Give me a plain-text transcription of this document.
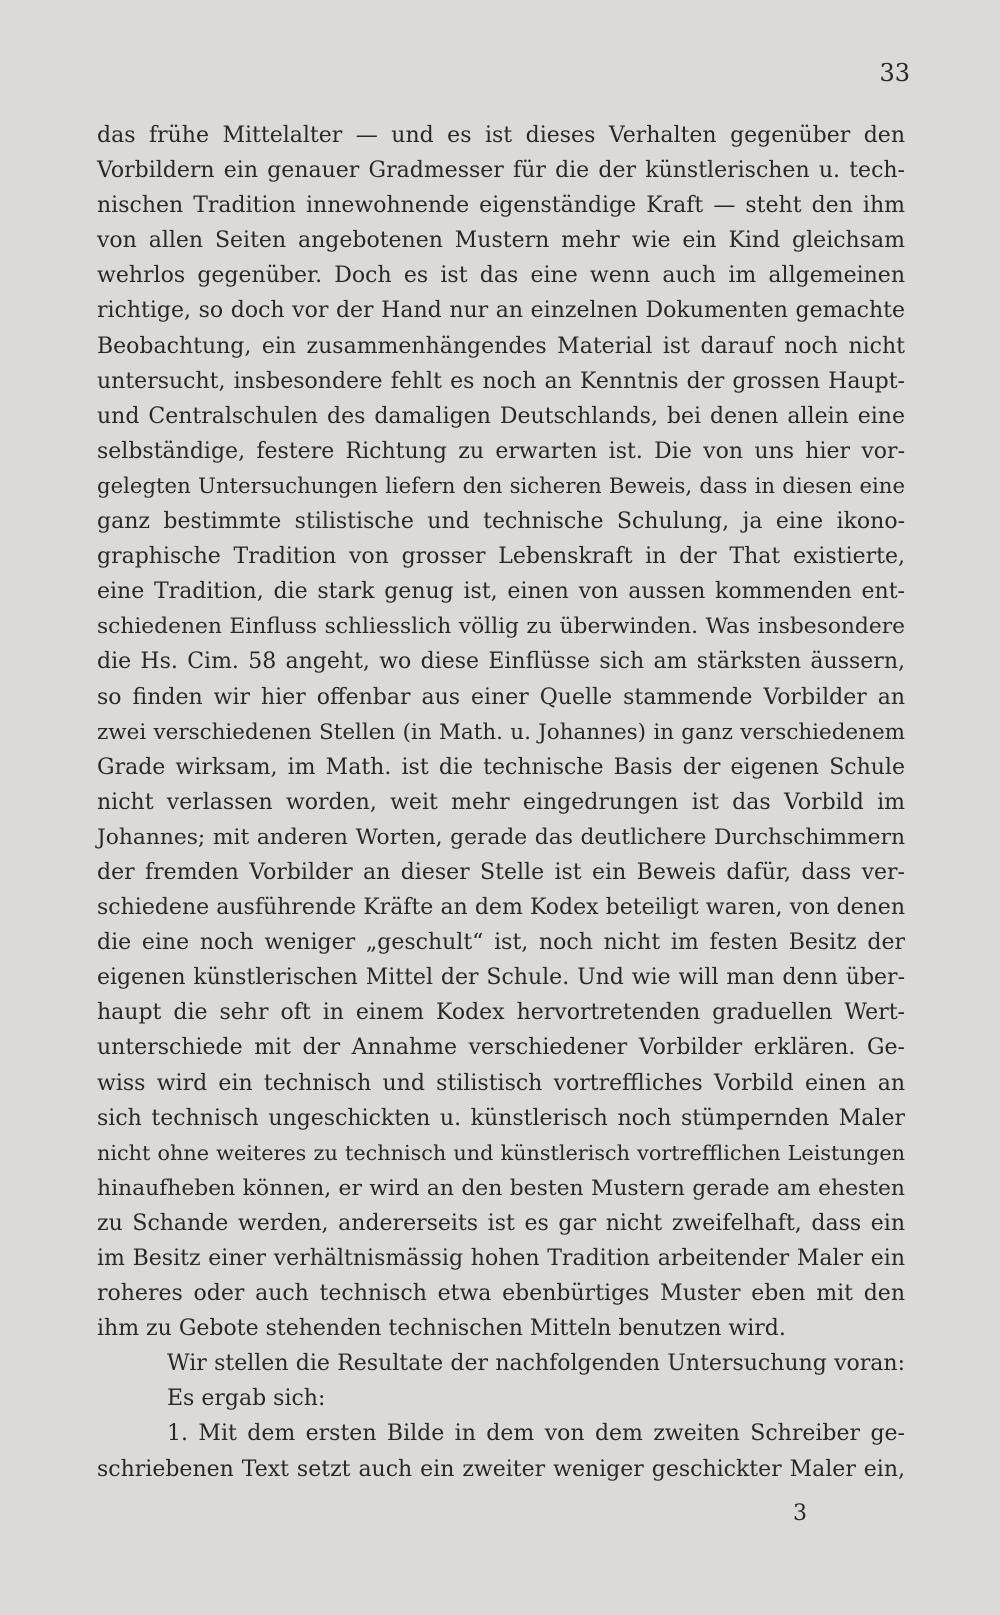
33
das frühe Mittelalter — und es ist dieses Verhalten gegenüber den
Vorbildern ein genauer Gradmesser für die der künstlerischen u. tech-
nischen Tradition innewohnende eigenständige Kraft — steht den ihm
von allen Seiten angebotenen Mustern mehr wie ein Kind gleichsam
wehrlos gegenüber. Doch es ist das eine wenn auch im allgemeinen
richtige, so doch vor der Hand nur an einzelnen Dokumenten gemachte
Beobachtung, ein zusammenhängendes Material ist darauf noch nicht
untersucht, insbesondere fehlt es noch an Kenntnis der grossen Haupt-
und Centralschulen des damaligen Deutschlands, bei denen allein eine
selbständige, festere Richtung zu erwarten ist. Die von uns hier vor-
gelegten Untersuchungen liefern den sicheren Beweis, dass in diesen eine
ganz bestimmte stilistische und technische Schulung, ja eine ikono-
graphische Tradition von grosser Lebenskraft in der That existierte,
eine Tradition, die stark genug ist, einen von aussen kommenden ent-
schiedenen Einfluss schliesslich völlig zu überwinden. Was insbesondere
die Hs. Cim. 58 angeht, wo diese Einflüsse sich am stärksten äussern,
so finden wir hier offenbar aus einer Quelle stammende Vorbilder an
zwei verschiedenen Stellen (in Math. u. Johannes) in ganz verschiedenem
Grade wirksam, im Math. ist die technische Basis der eigenen Schule
nicht verlassen worden, weit mehr eingedrungen ist das Vorbild im
Johannes; mit anderen Worten, gerade das deutlichere Durchschimmern
der fremden Vorbilder an dieser Stelle ist ein Beweis dafür, dass ver-
schiedene ausführende Kräfte an dem Kodex beteiligt waren, von denen
die eine noch weniger „geschult“ ist, noch nicht im festen Besitz der
eigenen künstlerischen Mittel der Schule. Und wie will man denn über-
haupt die sehr oft in einem Kodex hervortretenden graduellen Wert-
unterschiede mit der Annahme verschiedener Vorbilder erklären. Ge-
wiss wird ein technisch und stilistisch vortreffliches Vorbild einen an
sich technisch ungeschickten u. künstlerisch noch stümpernden Maler
nicht ohne weiteres zu technisch und künstlerisch vortrefflichen Leistungen
hinaufheben können, er wird an den besten Mustern gerade am ehesten
zu Schande werden, andererseits ist es gar nicht zweifelhaft, dass ein
im Besitz einer verhältnismässig hohen Tradition arbeitender Maler ein
roheres oder auch technisch etwa ebenbürtiges Muster eben mit den
ihm zu Gebote stehenden technischen Mitteln benutzen wird.
Wir stellen die Resultate der nachfolgenden Untersuchung voran:
Es ergab sich:
1. Mit dem ersten Bilde in dem von dem zweiten Schreiber ge-
schriebenen Text setzt auch ein zweiter weniger geschickter Maler ein,
3
